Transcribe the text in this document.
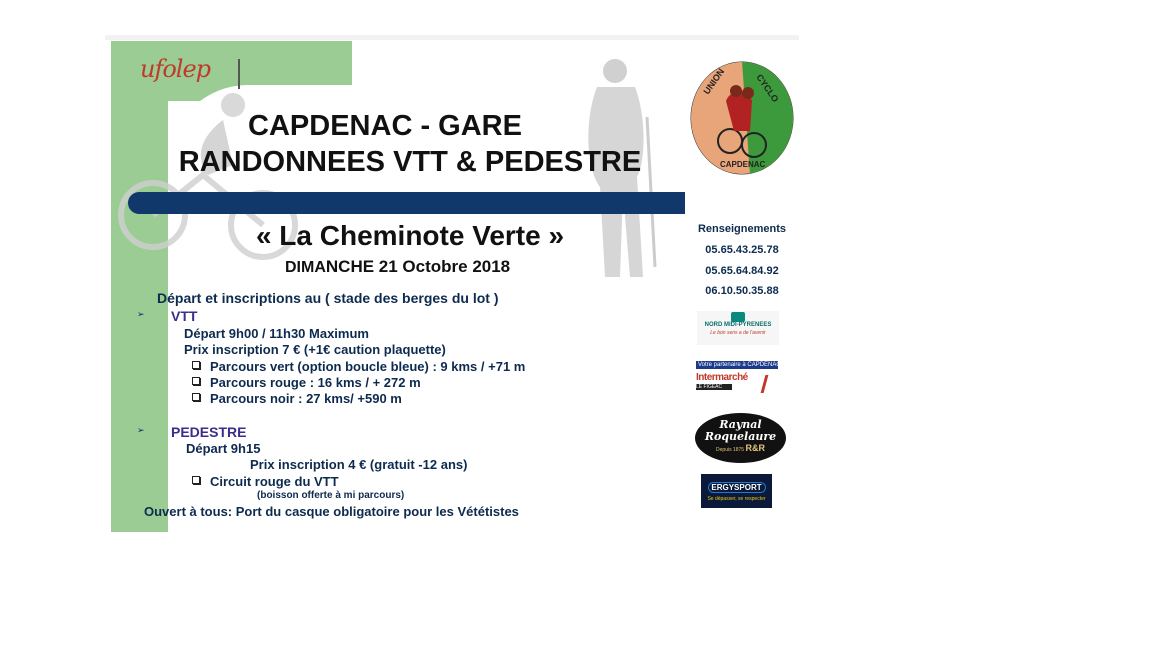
ufolep
CAPDENAC - GARE
RANDONNEES VTT & PEDESTRE
« La Cheminote Verte »
DIMANCHE 21 Octobre 2018
Départ et inscriptions au ( stade des berges du lot )
➢ VTT
Départ 9h00 / 11h30 Maximum
Prix inscription 7 € (+1€ caution plaquette)
Parcours vert (option boucle bleue) : 9 kms / +71 m
Parcours rouge : 16 kms / + 272 m
Parcours noir : 27 kms/ +590 m
➢ PEDESTRE
Départ 9h15
Prix inscription 4 € (gratuit -12 ans)
Circuit rouge du VTT
(boisson offerte à mi parcours)
Ouvert à tous: Port du casque obligatoire pour les Vététistes
UNION	CYCLO
CAPDENAC
Renseignements
05.65.43.25.78
05.65.64.84.92
06.10.50.35.88
NORD MIDI-PYRENEES
Le bon sens a de l'avenir
Votre partenaire à CAPDENAC
Intermarché
LE FIGEAC
Raynal
Roquelaure
Depuis 1875 R&R
ERGYSPORT
Se dépasser, se respecter
